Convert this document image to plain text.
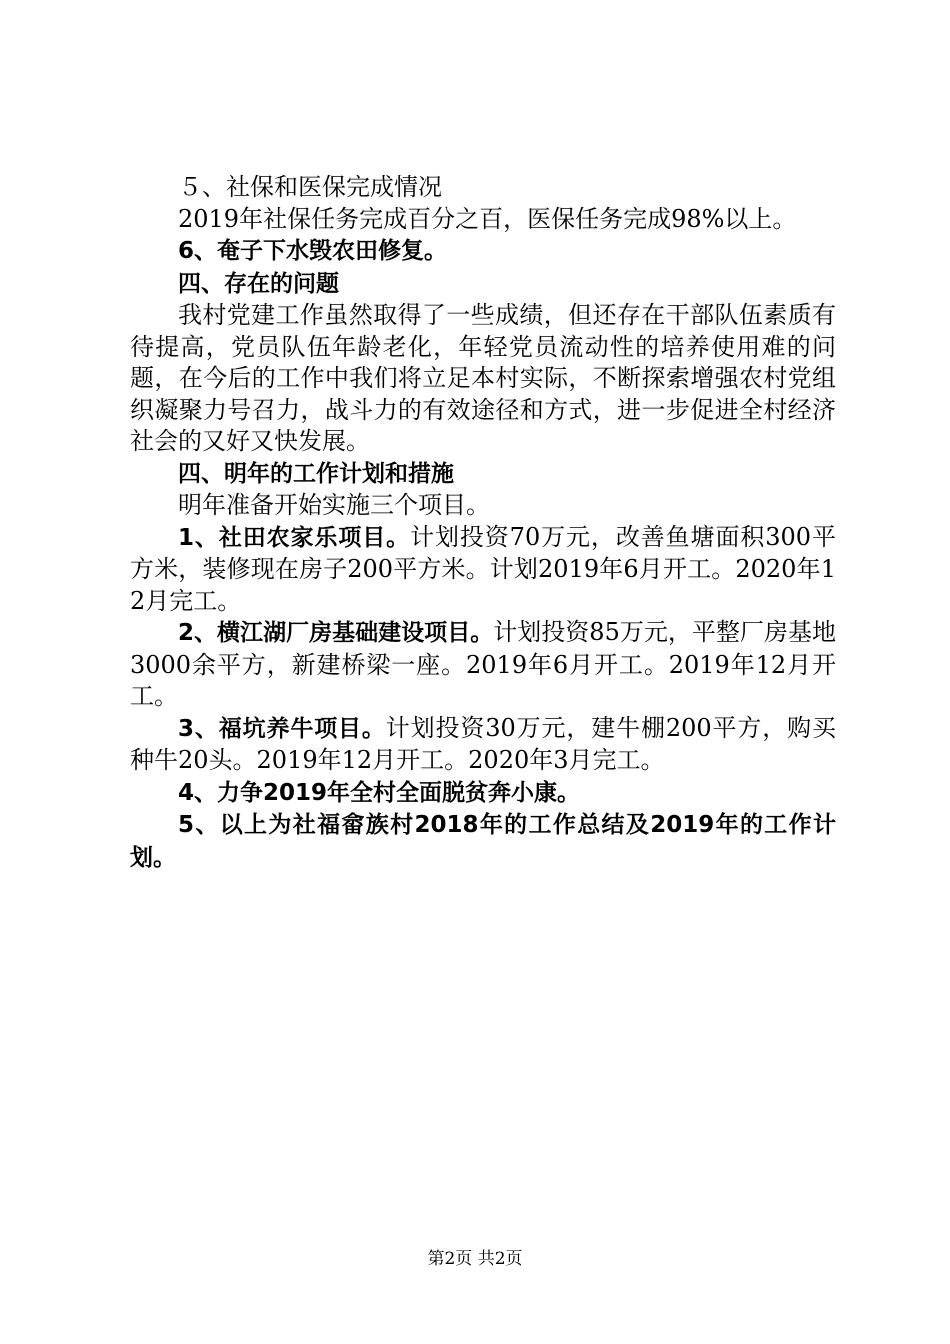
５、社保和医保完成情况

2019年社保任务完成百分之百，医保任务完成98%以上。

6、奄子下水毁农田修复。

四、存在的问题

我村党建工作虽然取得了一些成绩，但还存在干部队伍素质有待提高，党员队伍年龄老化，年轻党员流动性的培养使用难的问题，在今后的工作中我们将立足本村实际，不断探索增强农村党组织凝聚力号召力，战斗力的有效途径和方式，进一步促进全村经济社会的又好又快发展。

四、明年的工作计划和措施

明年准备开始实施三个项目。

1、社田农家乐项目。计划投资70万元，改善鱼塘面积300平方米，装修现在房子200平方米。计划2019年6月开工。2020年12月完工。

2、横江湖厂房基础建设项目。计划投资85万元，平整厂房基地3000余平方，新建桥梁一座。2019年6月开工。2019年12月开工。

3、福坑养牛项目。计划投资30万元，建牛棚200平方，购买种牛20头。2019年12月开工。2020年3月完工。

4、力争2019年全村全面脱贫奔小康。

5、以上为社福畲族村2018年的工作总结及2019年的工作计划。

第2页 共2页
